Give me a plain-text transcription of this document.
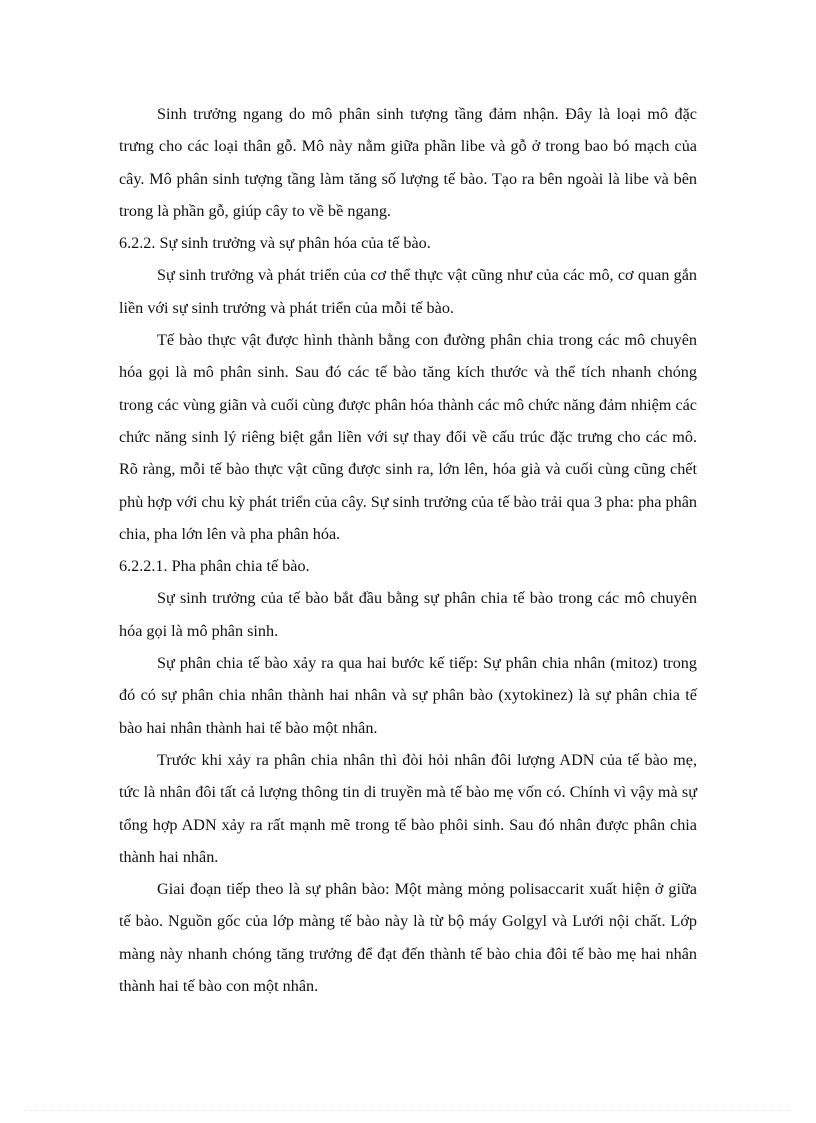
Sinh trưởng ngang do mô phân sinh tượng tầng đảm nhận. Đây là loại mô đặc trưng cho các loại thân gỗ. Mô này nằm giữa phần libe và gỗ ở trong bao bó mạch của cây. Mô phân sinh tượng tầng làm tăng số lượng tế bào. Tạo ra bên ngoài là libe và bên trong là phần gỗ, giúp cây to về bề ngang.

6.2.2. Sự sinh trưởng và sự phân hóa của tế bào.

Sự sinh trưởng và phát triển của cơ thể thực vật cũng như của các mô, cơ quan gắn liền với sự sinh trưởng và phát triển của mỗi tế bào.

Tế bào thực vật được hình thành bằng con đường phân chia trong các mô chuyên hóa gọi là mô phân sinh. Sau đó các tế bào tăng kích thước và thể tích nhanh chóng trong các vùng giãn và cuối cùng được phân hóa thành các mô chức năng đảm nhiệm các chức năng sinh lý riêng biệt gắn liền với sự thay đổi về cấu trúc đặc trưng cho các mô. Rõ ràng, mỗi tế bào thực vật cũng được sinh ra, lớn lên, hóa già và cuối cùng cũng chết phù hợp với chu kỳ phát triển của cây. Sự sinh trưởng của tế bào trải qua 3 pha: pha phân chia, pha lớn lên và pha phân hóa.

6.2.2.1. Pha phân chia tế bào.

Sự sinh trưởng của tế bào bắt đầu bằng sự phân chia tế bào trong các mô chuyên hóa gọi là mô phân sinh.

Sự phân chia tế bào xảy ra qua hai bước kế tiếp: Sự phân chia nhân (mitoz) trong đó có sự phân chia nhân thành hai nhân và sự phân bào (xytokinez) là sự phân chia tế bào hai nhân thành hai tế bào một nhân.

Trước khi xảy ra phân chia nhân thì đòi hỏi nhân đôi lượng ADN của tế bào mẹ, tức là nhân đôi tất cả lượng thông tin di truyền mà tế bào mẹ vốn có. Chính vì vậy mà sự tổng hợp ADN xảy ra rất mạnh mẽ trong tế bào phôi sinh. Sau đó nhân được phân chia thành hai nhân.

Giai đoạn tiếp theo là sự phân bào: Một màng mỏng polisaccarit xuất hiện ở giữa tế bào. Nguồn gốc của lớp màng tế bào này là từ bộ máy Golgyl và Lưới nội chất. Lớp màng này nhanh chóng tăng trưởng để đạt đến thành tế bào chia đôi tế bào mẹ hai nhân thành hai tế bào con một nhân.
